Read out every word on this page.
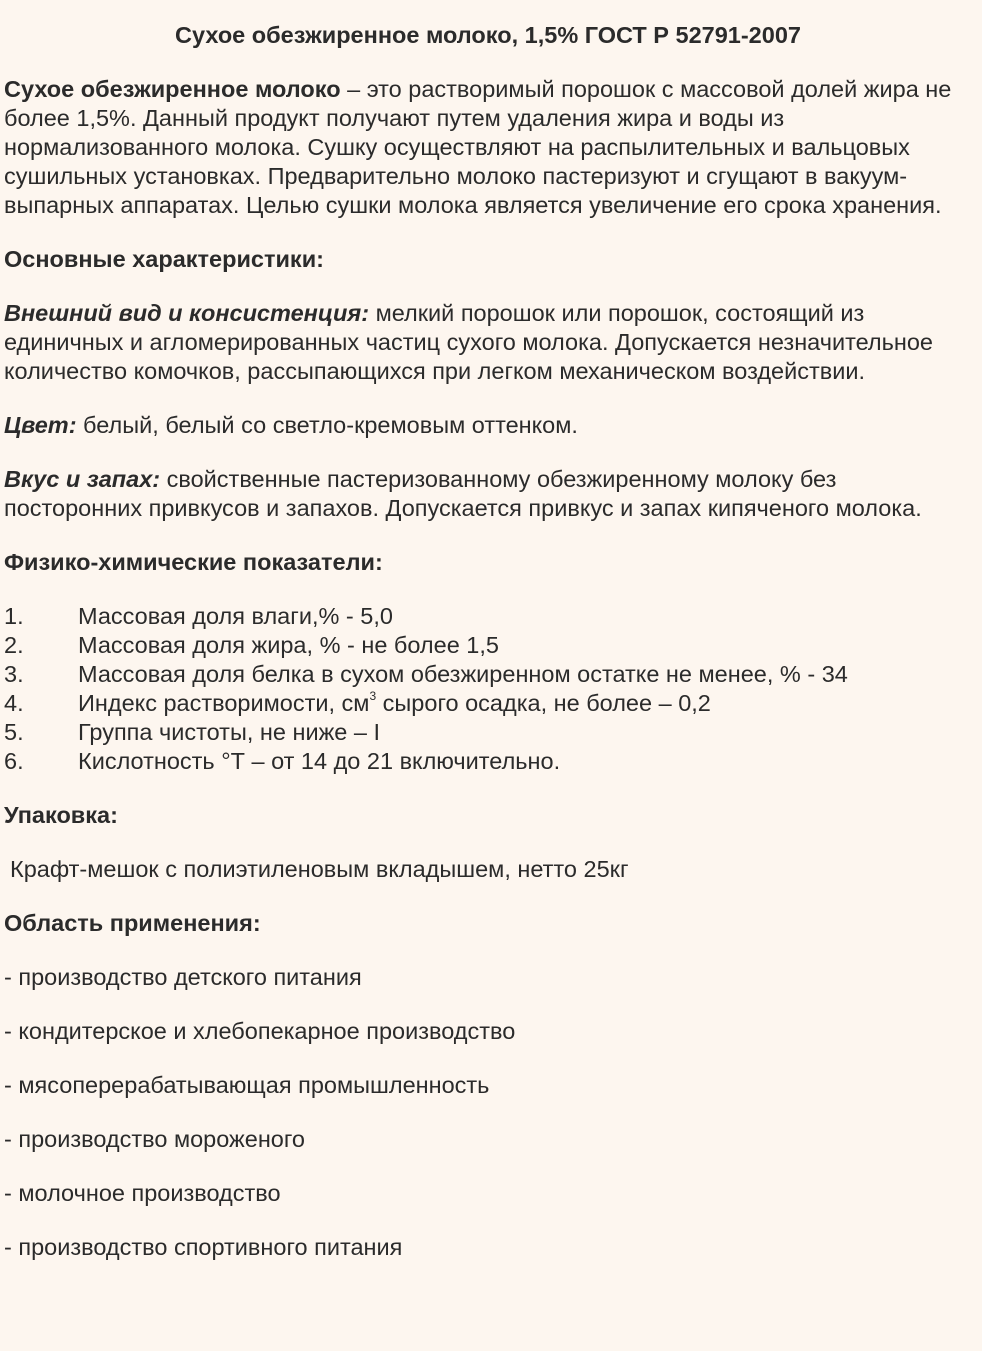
Сухое обезжиренное молоко, 1,5% ГОСТ Р 52791-2007

Сухое обезжиренное молоко – это растворимый порошок с массовой долей жира не более 1,5%. Данный продукт получают путем удаления жира и воды из нормализованного молока. Сушку осуществляют на распылительных и вальцовых сушильных установках. Предварительно молоко пастеризуют и сгущают в вакуум-выпарных аппаратах. Целью сушки молока является увеличение его срока хранения.

Основные характеристики:

Внешний вид и консистенция: мелкий порошок или порошок, состоящий из единичных и агломерированных частиц сухого молока. Допускается незначительное количество комочков, рассыпающихся при легком механическом воздействии.

Цвет: белый, белый со светло-кремовым оттенком.

Вкус и запах: свойственные пастеризованному обезжиренному молоку без посторонних привкусов и запахов. Допускается привкус и запах кипяченого молока.

Физико-химические показатели:

1.	Массовая доля влаги,% - 5,0
2.	Массовая доля жира, % - не более 1,5
3.	Массовая доля белка в сухом обезжиренном остатке не менее, % - 34
4.	Индекс растворимости, $см^3$ сырого осадка, не более – 0,2
5.	Группа чистоты, не ниже – I
6.	Кислотность °Т – от 14 до 21 включительно.

Упаковка:

Крафт-мешок с полиэтиленовым вкладышем, нетто 25кг

Область применения:

- производство детского питания

- кондитерское и хлебопекарное производство

- мясоперерабатывающая промышленность

- производство мороженого

- молочное производство

- производство спортивного питания
